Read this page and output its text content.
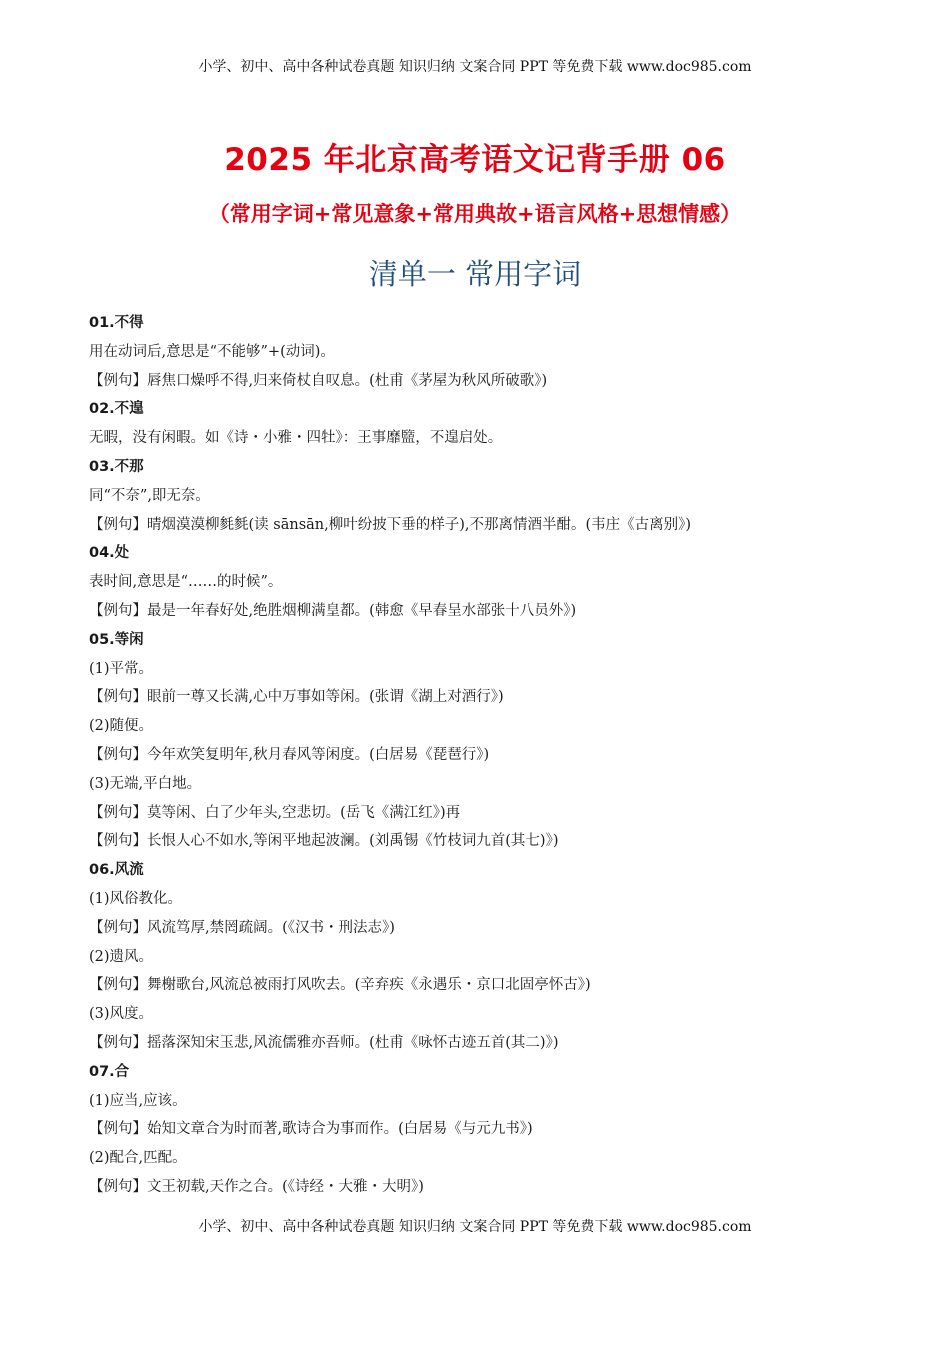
小学、初中、高中各种试卷真题 知识归纳 文案合同 PPT 等免费下载 www.doc985.com
2025 年北京高考语文记背手册 06
（常用字词+常见意象+常用典故+语言风格+思想情感）
清单一 常用字词
01.不得
用在动词后,意思是“不能够”+(动词)。
【例句】唇焦口燥呼不得,归来倚杖自叹息。(杜甫《茅屋为秋风所破歌》)
02.不遑
无暇，没有闲暇。如《诗・小雅・四牡》：王事靡盬，不遑启处。
03.不那
同“不奈”,即无奈。
【例句】晴烟漠漠柳毵毵(读 sānsān,柳叶纷披下垂的样子),不那离情酒半酣。(韦庄《古离别》)
04.处
表时间,意思是“……的时候”。
【例句】最是一年春好处,绝胜烟柳满皇都。(韩愈《早春呈水部张十八员外》)
05.等闲
(1)平常。
【例句】眼前一尊又长满,心中万事如等闲。(张谓《湖上对酒行》)
(2)随便。
【例句】今年欢笑复明年,秋月春风等闲度。(白居易《琵琶行》)
(3)无端,平白地。
【例句】莫等闲、白了少年头,空悲切。(岳飞《满江红》)再
【例句】长恨人心不如水,等闲平地起波澜。(刘禹锡《竹枝词九首(其七)》)
06.风流
(1)风俗教化。
【例句】风流笃厚,禁罔疏阔。(《汉书・刑法志》)
(2)遗风。
【例句】舞榭歌台,风流总被雨打风吹去。(辛弃疾《永遇乐・京口北固亭怀古》)
(3)风度。
【例句】摇落深知宋玉悲,风流儒雅亦吾师。(杜甫《咏怀古迹五首(其二)》)
07.合
(1)应当,应该。
【例句】始知文章合为时而著,歌诗合为事而作。(白居易《与元九书》)
(2)配合,匹配。
【例句】文王初载,天作之合。(《诗经・大雅・大明》)
小学、初中、高中各种试卷真题 知识归纳 文案合同 PPT 等免费下载 www.doc985.com
